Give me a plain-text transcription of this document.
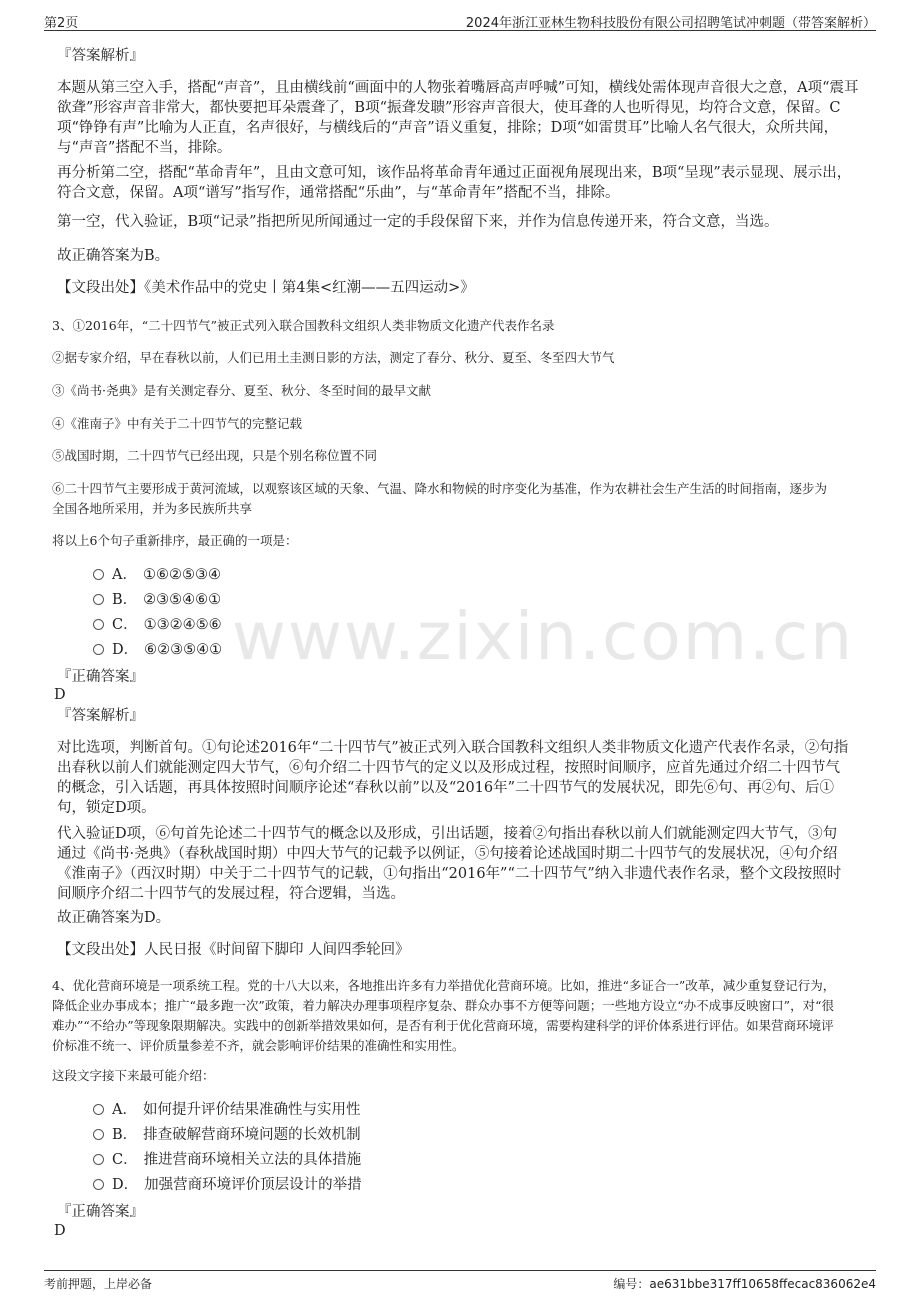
第2页	2024年浙江亚林生物科技股份有限公司招聘笔试冲刺题（带答案解析）
www.zixin.com.cn
『答案解析』
本题从第三空入手，搭配“声音”，且由横线前“画面中的人物张着嘴唇高声呼喊”可知，横线处需体现声音很大之意，A项“震耳
欲聋”形容声音非常大，都快要把耳朵震聋了，B项“振聋发聩”形容声音很大，使耳聋的人也听得见，均符合文意，保留。C
项“铮铮有声”比喻为人正直，名声很好，与横线后的“声音”语义重复，排除；D项“如雷贯耳”比喻人名气很大，众所共闻，
与“声音”搭配不当，排除。
再分析第二空，搭配“革命青年”，且由文意可知，该作品将革命青年通过正面视角展现出来，B项“呈现”表示显现、展示出，
符合文意，保留。A项“谱写”指写作，通常搭配“乐曲”，与“革命青年”搭配不当，排除。
第一空，代入验证，B项“记录”指把所见所闻通过一定的手段保留下来，并作为信息传递开来，符合文意，当选。
故正确答案为B。
【文段出处】《美术作品中的党史丨第4集<红潮——五四运动>》
3、①2016年，“二十四节气”被正式列入联合国教科文组织人类非物质文化遗产代表作名录
②据专家介绍，早在春秋以前，人们已用土圭测日影的方法，测定了春分、秋分、夏至、冬至四大节气
③《尚书·尧典》是有关测定春分、夏至、秋分、冬至时间的最早文献
④《淮南子》中有关于二十四节气的完整记载
⑤战国时期，二十四节气已经出现，只是个别名称位置不同
⑥二十四节气主要形成于黄河流域，以观察该区域的天象、气温、降水和物候的时序变化为基准，作为农耕社会生产生活的时间指南，逐步为
全国各地所采用，并为多民族所共享
将以上6个句子重新排序，最正确的一项是：
A． ①⑥②⑤③④
B． ②③⑤④⑥①
C． ①③②④⑤⑥
D． ⑥②③⑤④①
『正确答案』
D
『答案解析』
对比选项，判断首句。①句论述2016年“二十四节气”被正式列入联合国教科文组织人类非物质文化遗产代表作名录，②句指
出春秋以前人们就能测定四大节气，⑥句介绍二十四节气的定义以及形成过程，按照时间顺序，应首先通过介绍二十四节气
的概念，引入话题，再具体按照时间顺序论述“春秋以前”以及“2016年”二十四节气的发展状况，即先⑥句、再②句、后①
句，锁定D项。
代入验证D项，⑥句首先论述二十四节气的概念以及形成，引出话题，接着②句指出春秋以前人们就能测定四大节气，③句
通过《尚书·尧典》（春秋战国时期）中四大节气的记载予以例证，⑤句接着论述战国时期二十四节气的发展状况，④句介绍
《淮南子》（西汉时期）中关于二十四节气的记载，①句指出“2016年”“二十四节气”纳入非遗代表作名录，整个文段按照时
间顺序介绍二十四节气的发展过程，符合逻辑，当选。
故正确答案为D。
【文段出处】人民日报《时间留下脚印 人间四季轮回》
4、优化营商环境是一项系统工程。党的十八大以来，各地推出许多有力举措优化营商环境。比如，推进“多证合一”改革，减少重复登记行为，
降低企业办事成本；推广“最多跑一次”政策，着力解决办理事项程序复杂、群众办事不方便等问题；一些地方设立“办不成事反映窗口”，对“很
难办”“不给办”等现象限期解决。实践中的创新举措效果如何，是否有利于优化营商环境，需要构建科学的评价体系进行评估。如果营商环境评
价标准不统一、评价质量参差不齐，就会影响评价结果的准确性和实用性。
这段文字接下来最可能介绍：
A． 如何提升评价结果准确性与实用性
B． 排查破解营商环境问题的长效机制
C． 推进营商环境相关立法的具体措施
D． 加强营商环境评价顶层设计的举措
『正确答案』
D
考前押题，上岸必备	编号：ae631bbe317ff10658ffecac836062e4
